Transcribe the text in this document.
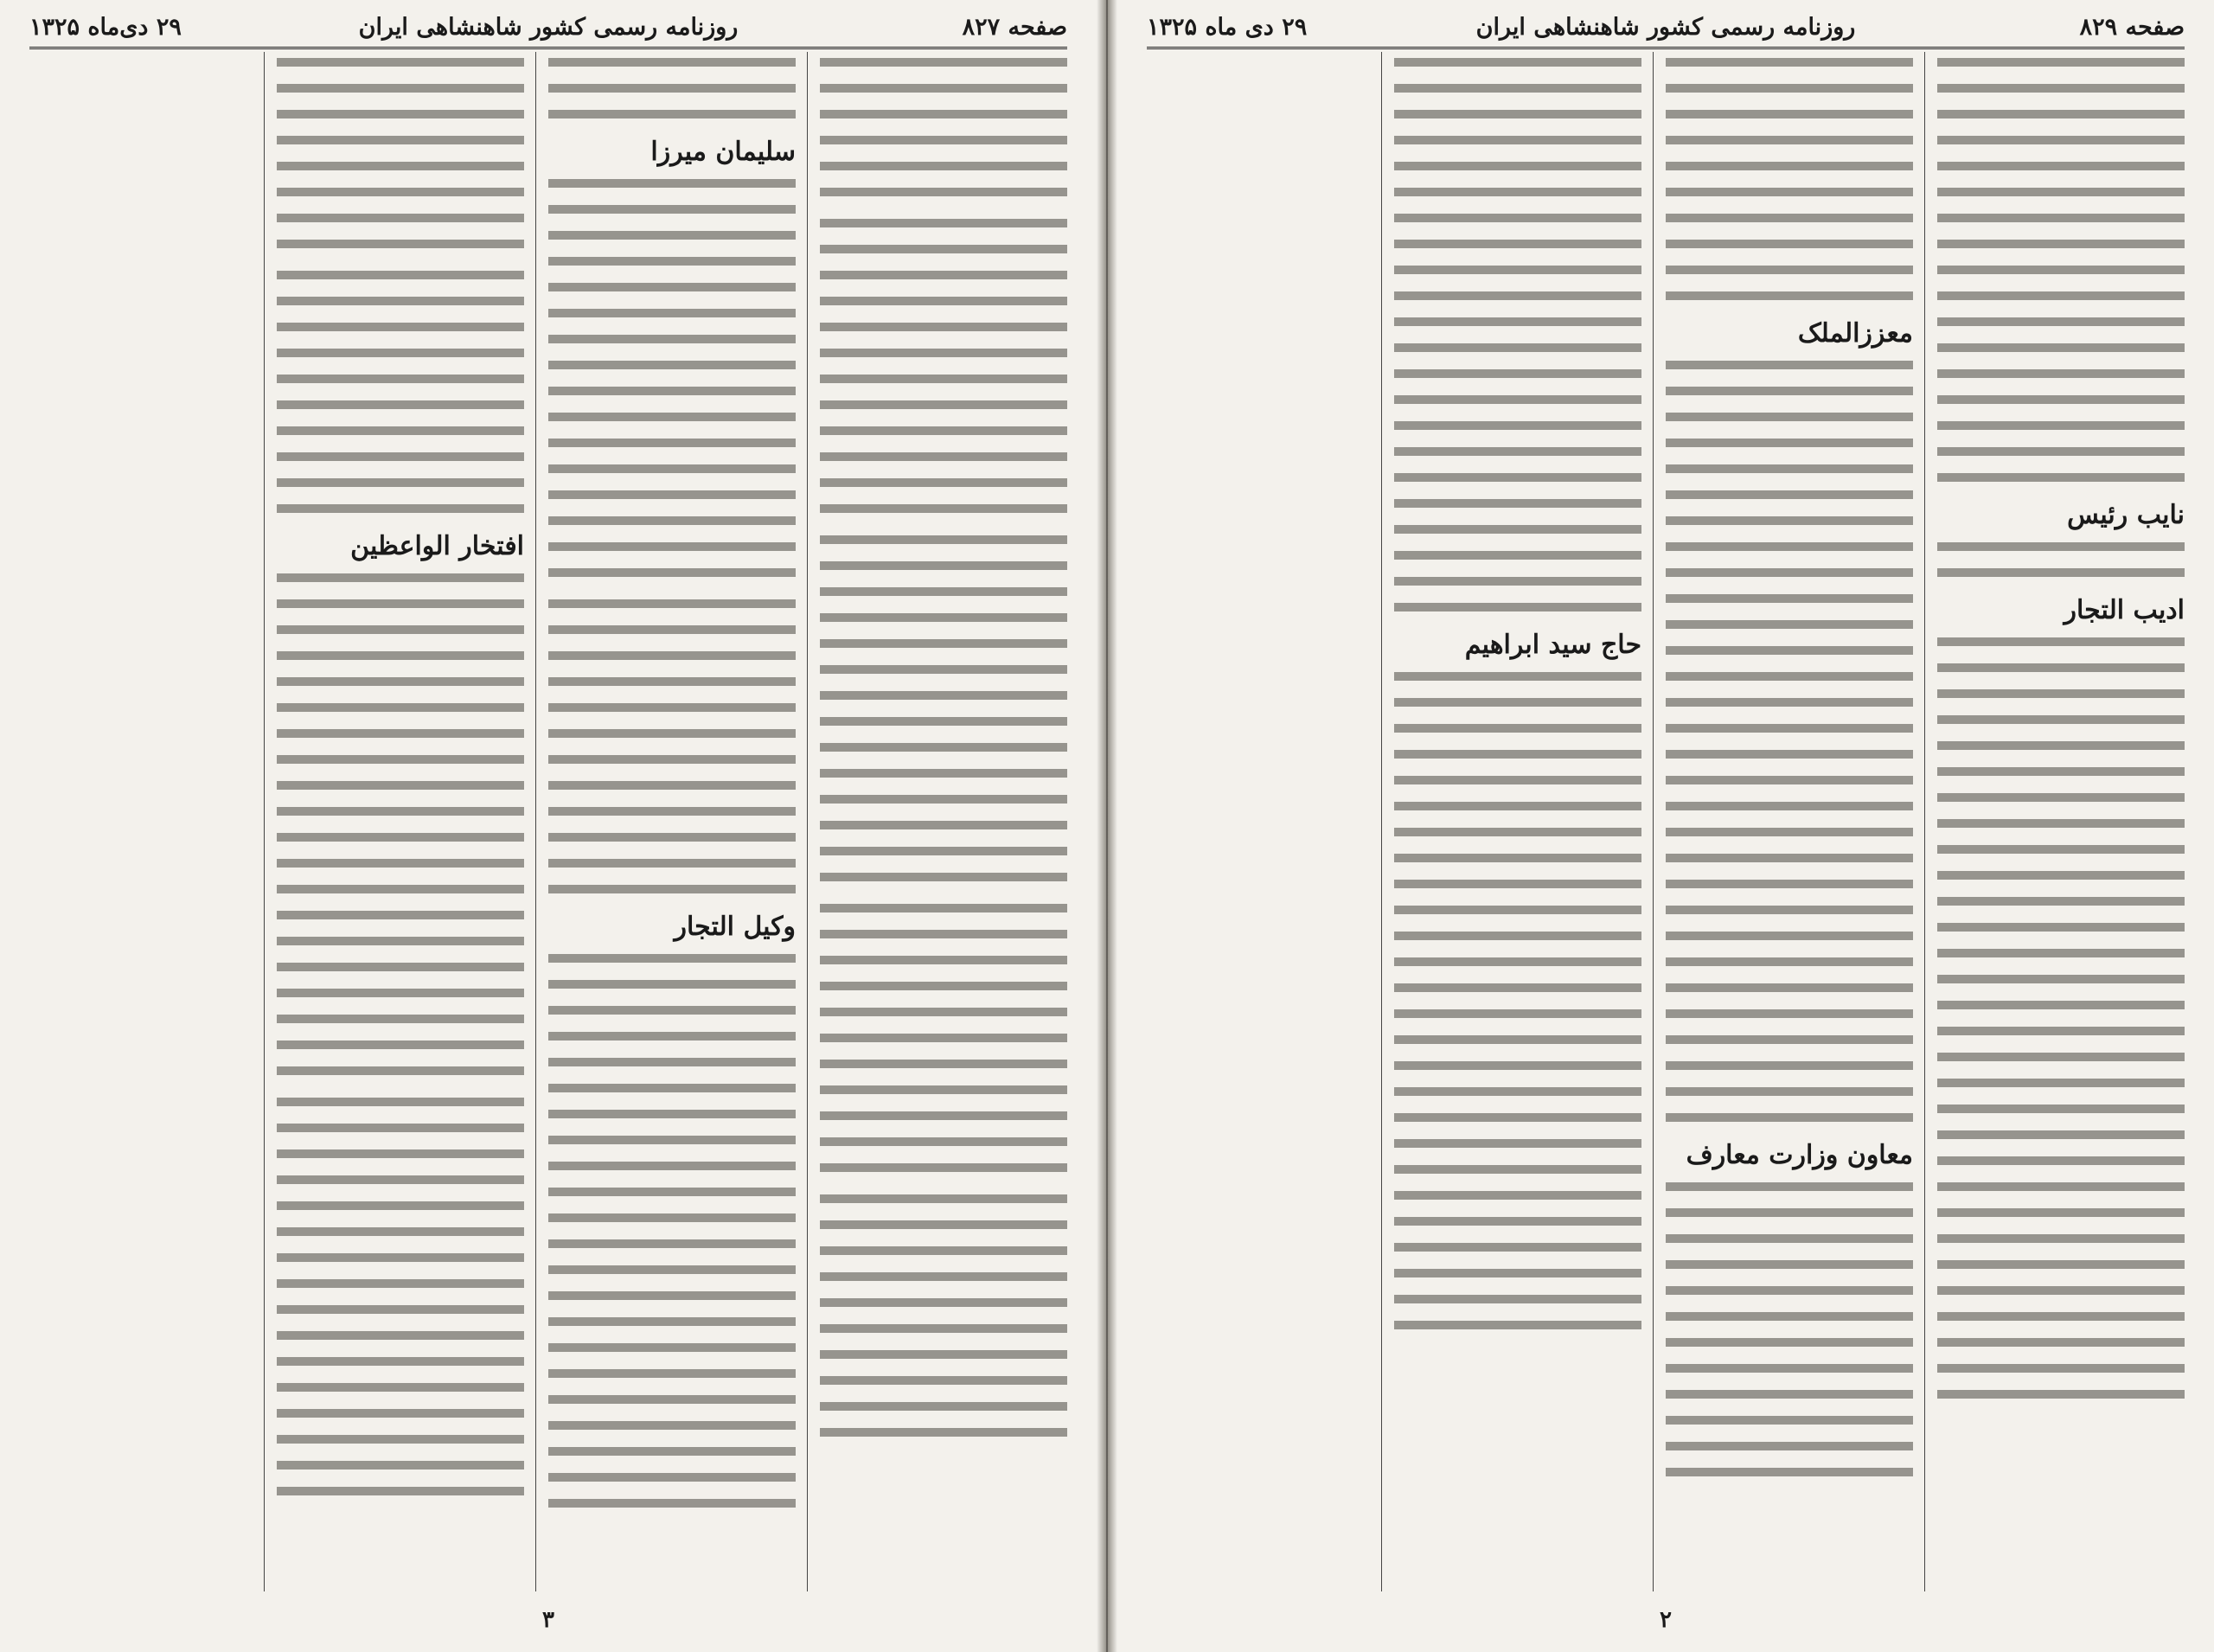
صفحه ۸۲۷
روزنامه رسمی کشور شاهنشاهی ایران
۲۹ دی‌ماه ۱۳۲۵
سلیمان میرزا
وکیل التجار
افتخار الواعظین
۳
صفحه ۸۲۹
روزنامه رسمی کشور شاهنشاهی ایران
۲۹ دی ماه ۱۳۲۵
نایب رئیس
ادیب التجار
معززالملک
معاون وزارت معارف
حاج سید ابراهیم
۲
